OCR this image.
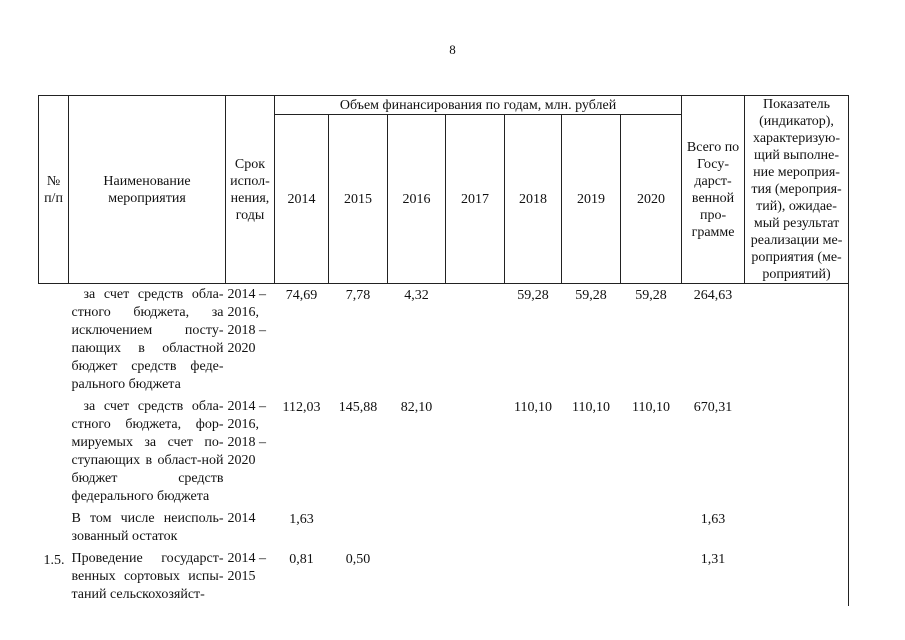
8
№ п/п	Наименование мероприятия	Срок испол-нения, годы	Объем финансирования по годам, млн. рублей							Всего по Госу-дарст-венной про-грамме	Показатель (индикатор), характеризую-щий выполне-ние мероприя-тия (мероприя-тий), ожидае-мый результат реализации ме-роприятия (ме-роприятий)
			2014	2015	2016	2017	2018	2019	2020		
	за счет средств обла-стного бюджета, за исключением посту-пающих в областной бюджет средств феде-рального бюджета	2014 – 2016, 2018 – 2020	74,69	7,78	4,32		59,28	59,28	59,28	264,63	
	за счет средств обла-стного бюджета, фор-мируемых за счет по-ступающих в област-ной бюджет средств федерального бюджета	2014 – 2016, 2018 – 2020	112,03	145,88	82,10		110,10	110,10	110,10	670,31	
	В том числе неисполь-зованный остаток	2014	1,63							1,63	
1.5.	Проведение государст-венных сортовых испы-таний сельскохозяйст-	2014 – 2015	0,81	0,50						1,31	
